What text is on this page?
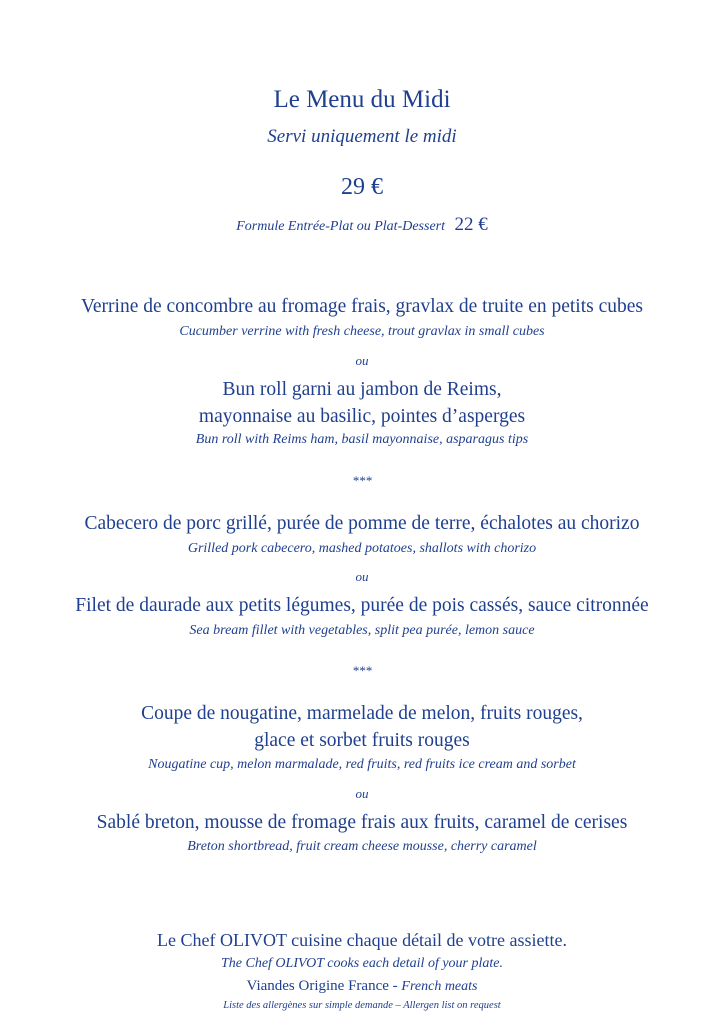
Le Menu du Midi
Servi uniquement le midi
29 €
Formule Entrée-Plat ou Plat-Dessert 22 €
Verrine de concombre au fromage frais, gravlax de truite en petits cubes
Cucumber verrine with fresh cheese, trout gravlax in small cubes
ou
Bun roll garni au jambon de Reims,
mayonnaise au basilic, pointes d’asperges
Bun roll with Reims ham, basil mayonnaise, asparagus tips
***
Cabecero de porc grillé, purée de pomme de terre, échalotes au chorizo
Grilled pork cabecero, mashed potatoes, shallots with chorizo
ou
Filet de daurade aux petits légumes, purée de pois cassés, sauce citronnée
Sea bream fillet with vegetables, split pea purée, lemon sauce
***
Coupe de nougatine, marmelade de melon, fruits rouges,
glace et sorbet fruits rouges
Nougatine cup, melon marmalade, red fruits, red fruits ice cream and sorbet
ou
Sablé breton, mousse de fromage frais aux fruits, caramel de cerises
Breton shortbread, fruit cream cheese mousse, cherry caramel
Le Chef OLIVOT cuisine chaque détail de votre assiette.
The Chef OLIVOT cooks each detail of your plate.
Viandes Origine France - French meats
Liste des allergènes sur simple demande – Allergen list on request
